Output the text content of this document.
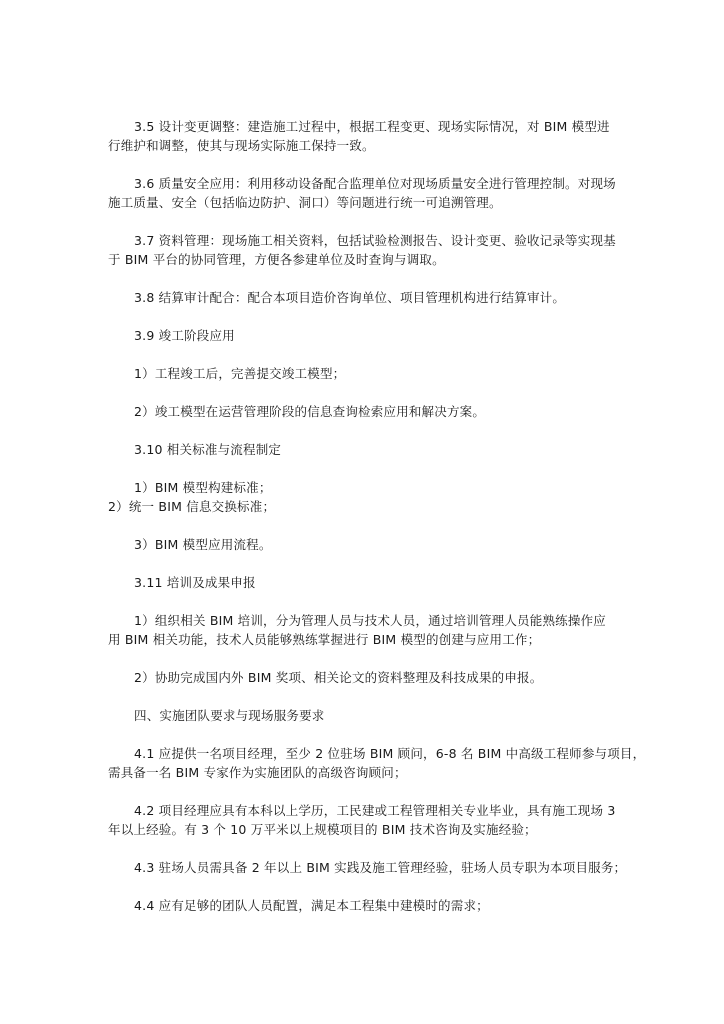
3.5 设计变更调整：建造施工过程中，根据工程变更、现场实际情况，对 BIM 模型进
行维护和调整，使其与现场实际施工保持一致。
3.6 质量安全应用：利用移动设备配合监理单位对现场质量安全进行管理控制。对现场
施工质量、安全（包括临边防护、洞口）等问题进行统一可追溯管理。
3.7 资料管理：现场施工相关资料，包括试验检测报告、设计变更、验收记录等实现基
于 BIM 平台的协同管理，方便各参建单位及时查询与调取。
3.8 结算审计配合：配合本项目造价咨询单位、项目管理机构进行结算审计。
3.9 竣工阶段应用
1）工程竣工后，完善提交竣工模型；
2）竣工模型在运营管理阶段的信息查询检索应用和解决方案。
3.10 相关标准与流程制定
1）BIM 模型构建标准；
2）统一 BIM 信息交换标准；
3）BIM 模型应用流程。
3.11 培训及成果申报
1）组织相关 BIM 培训，分为管理人员与技术人员，通过培训管理人员能熟练操作应
用 BIM 相关功能，技术人员能够熟练掌握进行 BIM 模型的创建与应用工作；
2）协助完成国内外 BIM 奖项、相关论文的资料整理及科技成果的申报。
四、实施团队要求与现场服务要求
4.1 应提供一名项目经理，至少 2 位驻场 BIM 顾问，6-8 名 BIM 中高级工程师参与项目，
需具备一名 BIM 专家作为实施团队的高级咨询顾问；
4.2 项目经理应具有本科以上学历，工民建或工程管理相关专业毕业，具有施工现场 3
年以上经验。有 3 个 10 万平米以上规模项目的 BIM 技术咨询及实施经验；
4.3 驻场人员需具备 2 年以上 BIM 实践及施工管理经验，驻场人员专职为本项目服务；
4.4 应有足够的团队人员配置，满足本工程集中建模时的需求；
